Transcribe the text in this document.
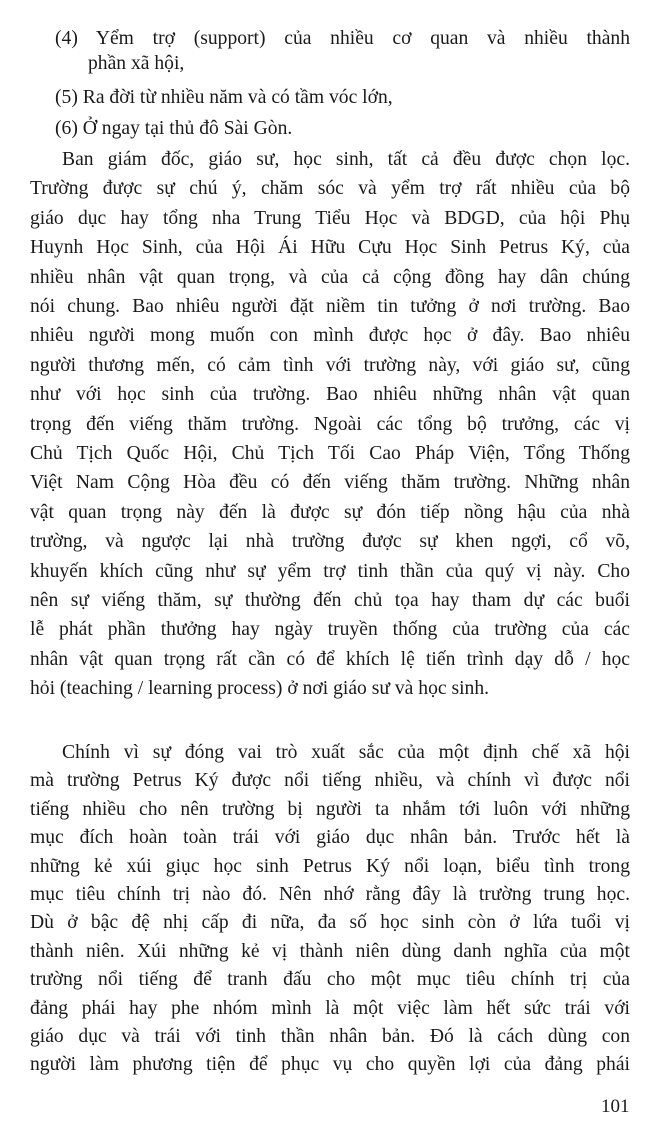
(4) Yểm trợ (support) của nhiều cơ quan và nhiều thành
phần xã hội,
(5) Ra đời từ nhiều năm và có tầm vóc lớn,
(6) Ở ngay tại thủ đô Sài Gòn.
Ban giám đốc, giáo sư, học sinh, tất cả đều được chọn lọc.
Trường được sự chú ý, chăm sóc và yểm trợ rất nhiều của bộ
giáo dục hay tổng nha Trung Tiểu Học và BDGD, của hội Phụ
Huynh Học Sinh, của Hội Ái Hữu Cựu Học Sinh Petrus Ký, của
nhiều nhân vật quan trọng, và của cả cộng đồng hay dân chúng
nói chung. Bao nhiêu người đặt niềm tin tưởng ở nơi trường. Bao
nhiêu người mong muốn con mình được học ở đây. Bao nhiêu
người thương mến, có cảm tình với trường này, với giáo sư, cũng
như với học sinh của trường. Bao nhiêu những nhân vật quan
trọng đến viếng thăm trường. Ngoài các tổng bộ trưởng, các vị
Chủ Tịch Quốc Hội, Chủ Tịch Tối Cao Pháp Viện, Tổng Thống
Việt Nam Cộng Hòa đều có đến viếng thăm trường. Những nhân
vật quan trọng này đến là được sự đón tiếp nồng hậu của nhà
trường, và ngược lại nhà trường được sự khen ngợi, cổ võ,
khuyến khích cũng như sự yểm trợ tinh thần của quý vị này. Cho
nên sự viếng thăm, sự thường đến chủ tọa hay tham dự các buổi
lễ phát phần thưởng hay ngày truyền thống của trường của các
nhân vật quan trọng rất cần có để khích lệ tiến trình dạy dỗ / học
hỏi (teaching / learning process) ở nơi giáo sư và học sinh.
Chính vì sự đóng vai trò xuất sắc của một định chế xã hội
mà trường Petrus Ký được nổi tiếng nhiều, và chính vì được nổi
tiếng nhiều cho nên trường bị người ta nhắm tới luôn với những
mục đích hoàn toàn trái với giáo dục nhân bản. Trước hết là
những kẻ xúi giục học sinh Petrus Ký nổi loạn, biểu tình trong
mục tiêu chính trị nào đó. Nên nhớ rằng đây là trường trung học.
Dù ở bậc đệ nhị cấp đi nữa, đa số học sinh còn ở lứa tuổi vị
thành niên. Xúi những kẻ vị thành niên dùng danh nghĩa của một
trường nổi tiếng để tranh đấu cho một mục tiêu chính trị của
đảng phái hay phe nhóm mình là một việc làm hết sức trái với
giáo dục và trái với tinh thần nhân bản. Đó là cách dùng con
người làm phương tiện để phục vụ cho quyền lợi của đảng phái
101
